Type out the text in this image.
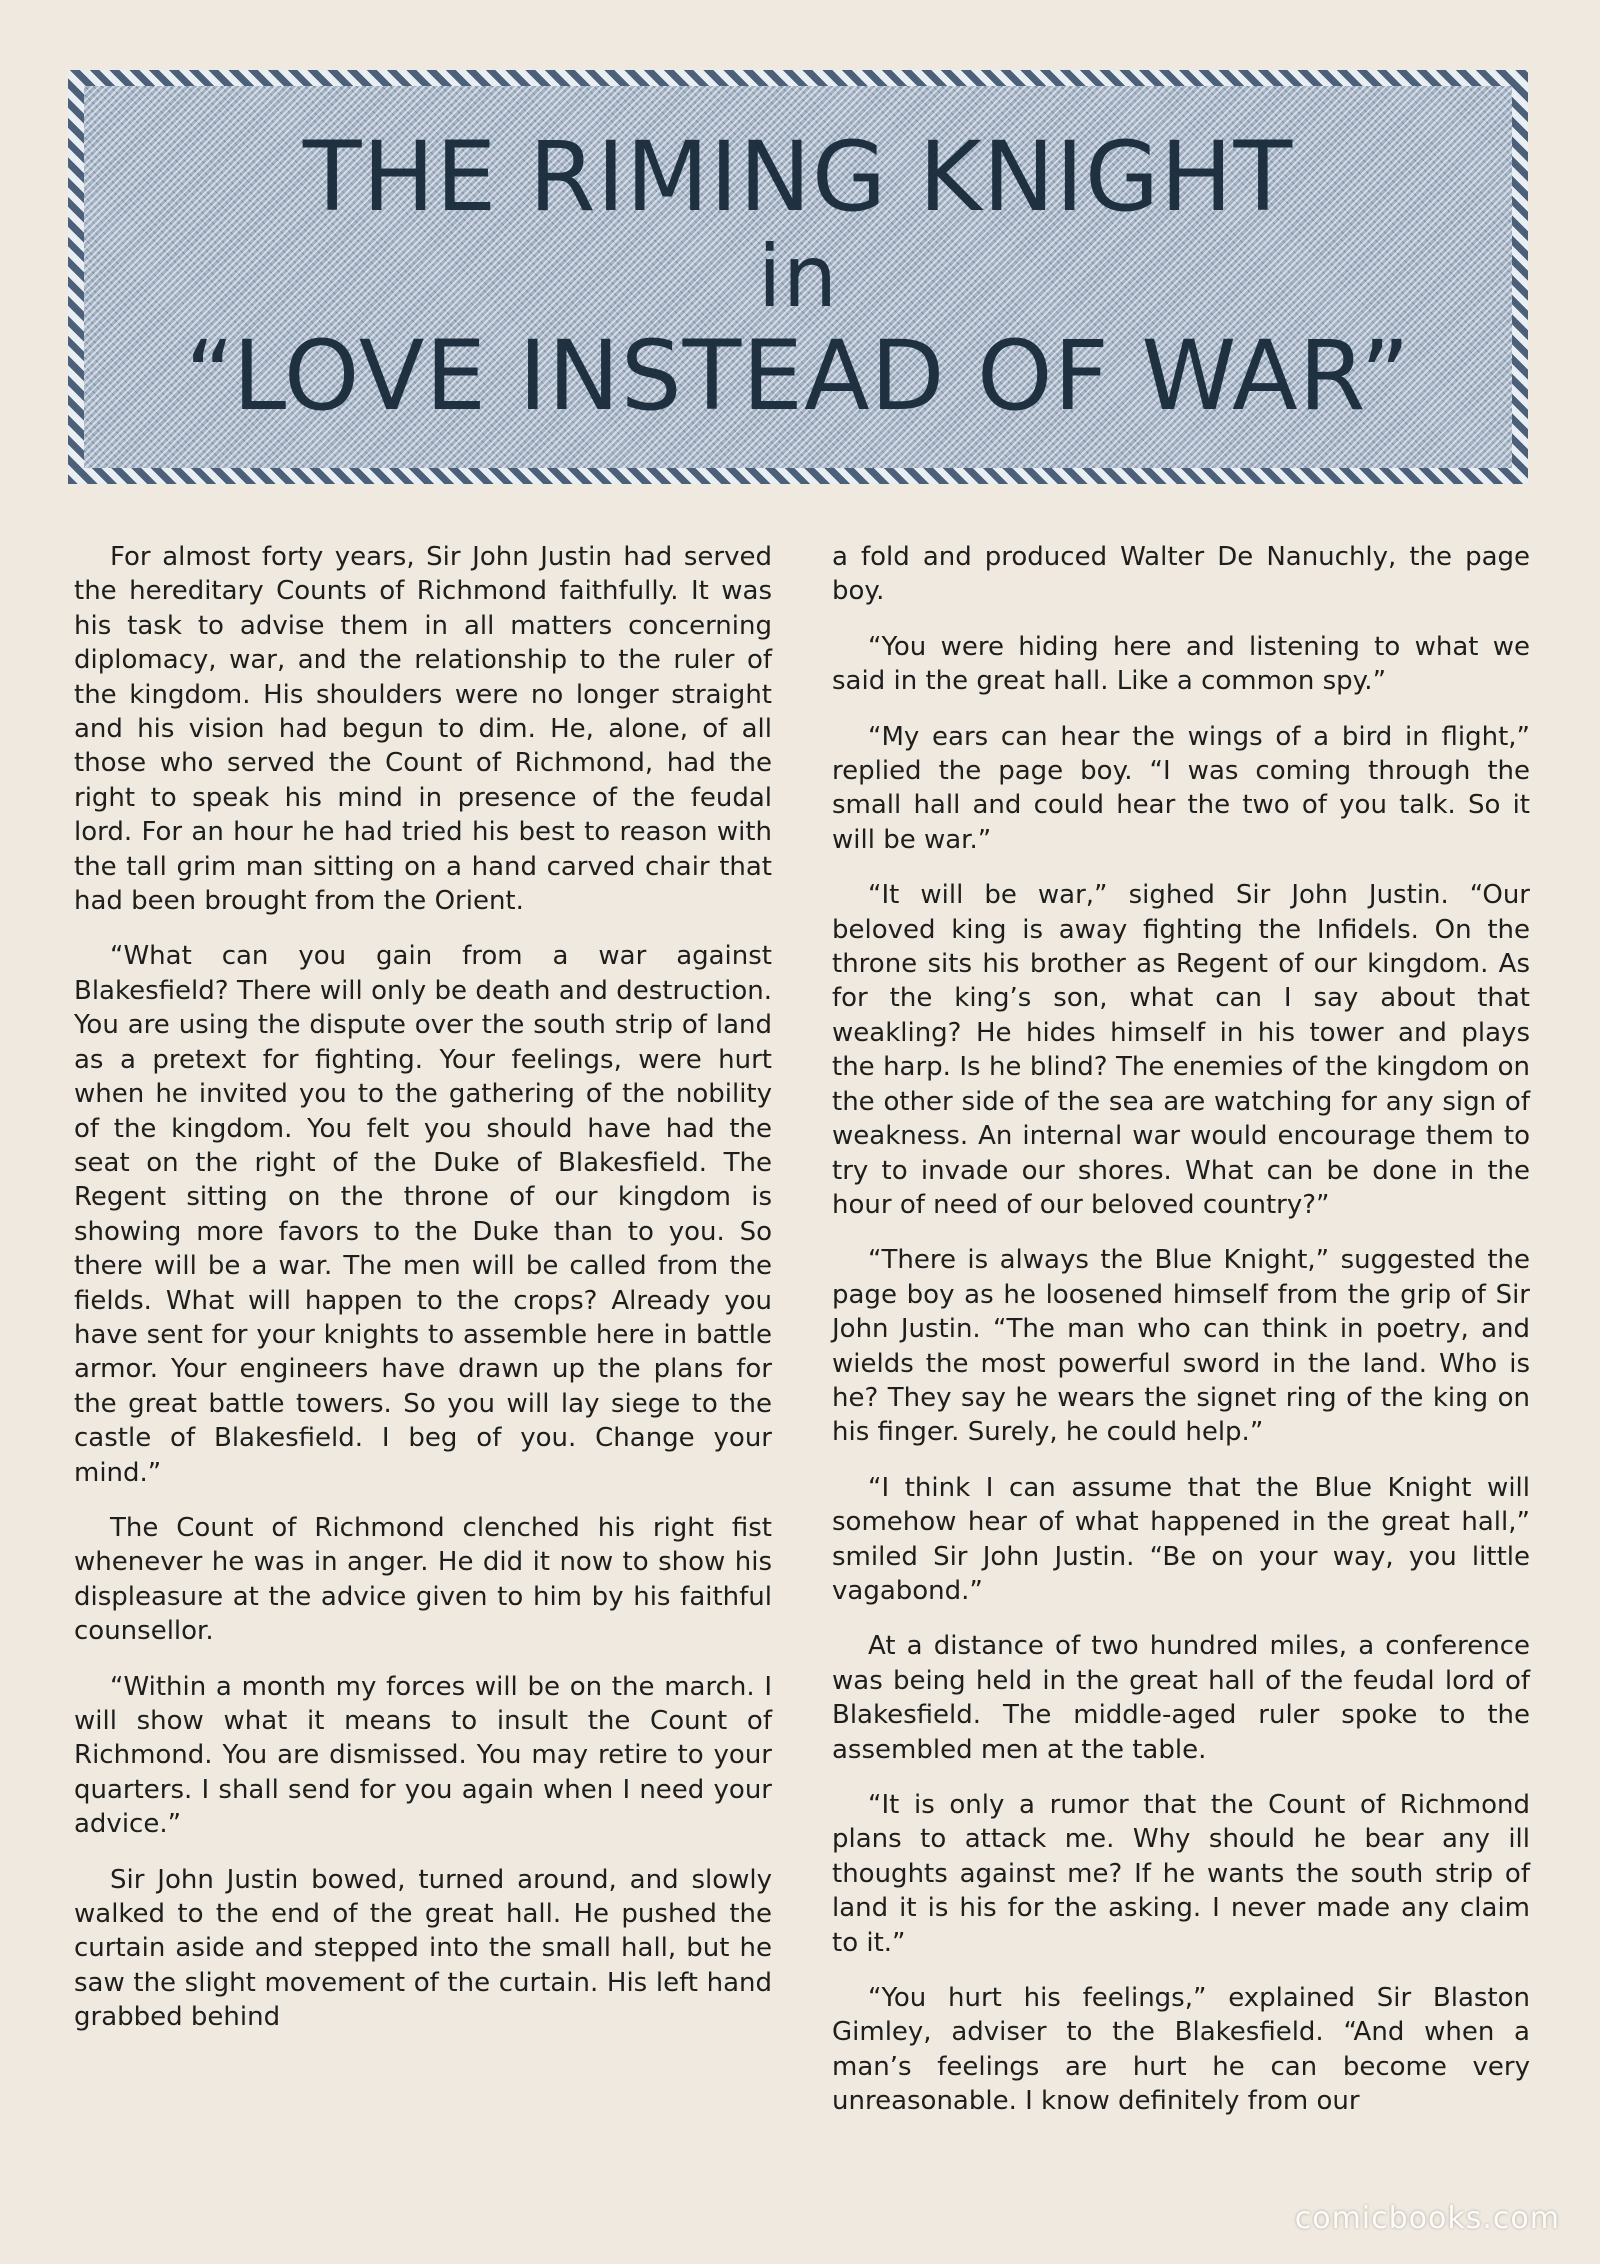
THE RIMING KNIGHT
in
“LOVE INSTEAD OF WAR”

For almost forty years, Sir John Justin had served the hereditary Counts of Richmond faithfully. It was his task to advise them in all matters concerning diplomacy, war, and the relationship to the ruler of the kingdom. His shoulders were no longer straight and his vision had begun to dim. He, alone, of all those who served the Count of Richmond, had the right to speak his mind in presence of the feudal lord. For an hour he had tried his best to reason with the tall grim man sitting on a hand carved chair that had been brought from the Orient.

“What can you gain from a war against Blakesfield? There will only be death and destruction. You are using the dispute over the south strip of land as a pretext for fighting. Your feelings, were hurt when he invited you to the gathering of the nobility of the kingdom. You felt you should have had the seat on the right of the Duke of Blakesfield. The Regent sitting on the throne of our kingdom is showing more favors to the Duke than to you. So there will be a war. The men will be called from the fields. What will happen to the crops? Already you have sent for your knights to assemble here in battle armor. Your engineers have drawn up the plans for the great battle towers. So you will lay siege to the castle of Blakesfield. I beg of you. Change your mind.”

The Count of Richmond clenched his right fist whenever he was in anger. He did it now to show his displeasure at the advice given to him by his faithful counsellor.

“Within a month my forces will be on the march. I will show what it means to insult the Count of Richmond. You are dismissed. You may retire to your quarters. I shall send for you again when I need your advice.”

Sir John Justin bowed, turned around, and slowly walked to the end of the great hall. He pushed the curtain aside and stepped into the small hall, but he saw the slight movement of the curtain. His left hand grabbed behind

a fold and produced Walter De Nanuchly, the page boy.

“You were hiding here and listening to what we said in the great hall. Like a common spy.”

“My ears can hear the wings of a bird in flight,” replied the page boy. “I was coming through the small hall and could hear the two of you talk. So it will be war.”

“It will be war,” sighed Sir John Justin. “Our beloved king is away fighting the Infidels. On the throne sits his brother as Regent of our kingdom. As for the king’s son, what can I say about that weakling? He hides himself in his tower and plays the harp. Is he blind? The enemies of the kingdom on the other side of the sea are watching for any sign of weakness. An internal war would encourage them to try to invade our shores. What can be done in the hour of need of our beloved country?”

“There is always the Blue Knight,” suggested the page boy as he loosened himself from the grip of Sir John Justin. “The man who can think in poetry, and wields the most powerful sword in the land. Who is he? They say he wears the signet ring of the king on his finger. Surely, he could help.”

“I think I can assume that the Blue Knight will somehow hear of what happened in the great hall,” smiled Sir John Justin. “Be on your way, you little vagabond.”

At a distance of two hundred miles, a conference was being held in the great hall of the feudal lord of Blakesfield. The middle-aged ruler spoke to the assembled men at the table.

“It is only a rumor that the Count of Richmond plans to attack me. Why should he bear any ill thoughts against me? If he wants the south strip of land it is his for the asking. I never made any claim to it.”

“You hurt his feelings,” explained Sir Blaston Gimley, adviser to the Blakesfield. “And when a man’s feelings are hurt he can become very unreasonable. I know definitely from our

comicbooks.com
